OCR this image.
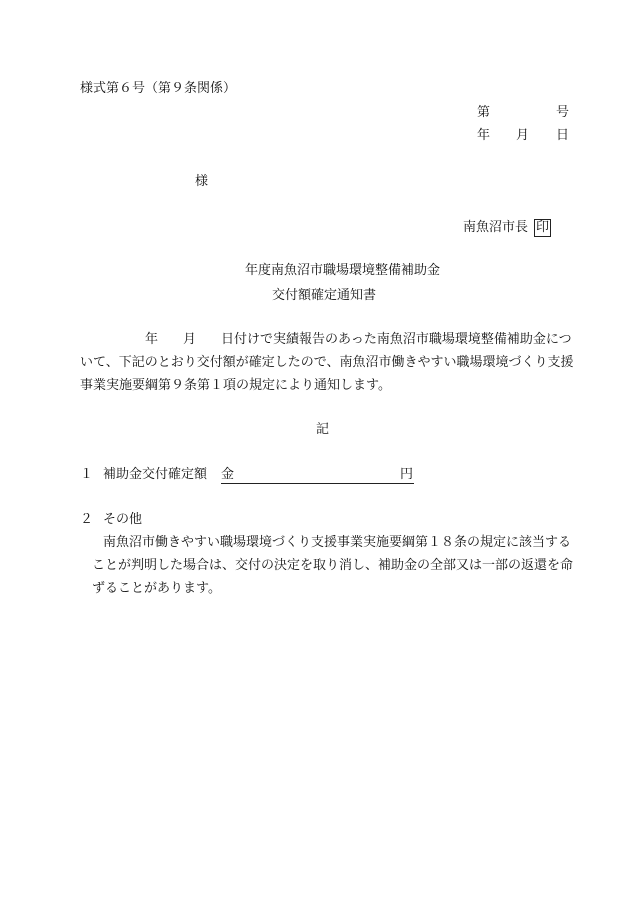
様式第６号（第９条関係）
第	号
年 月 日
様
南魚沼市長 印
年度南魚沼市職場環境整備補助金
交付額確定通知書
年 月 日付けで実績報告のあった南魚沼市職場環境整備補助金につ
いて、下記のとおり交付額が確定したので、南魚沼市働きやすい職場環境づくり支援
事業実施要綱第９条第１項の規定により通知します。
記
１ 補助金交付確定額 金	円
２ その他
南魚沼市働きやすい職場環境づくり支援事業実施要綱第１８条の規定に該当する
ことが判明した場合は、交付の決定を取り消し、補助金の全部又は一部の返還を命
ずることがあります。
